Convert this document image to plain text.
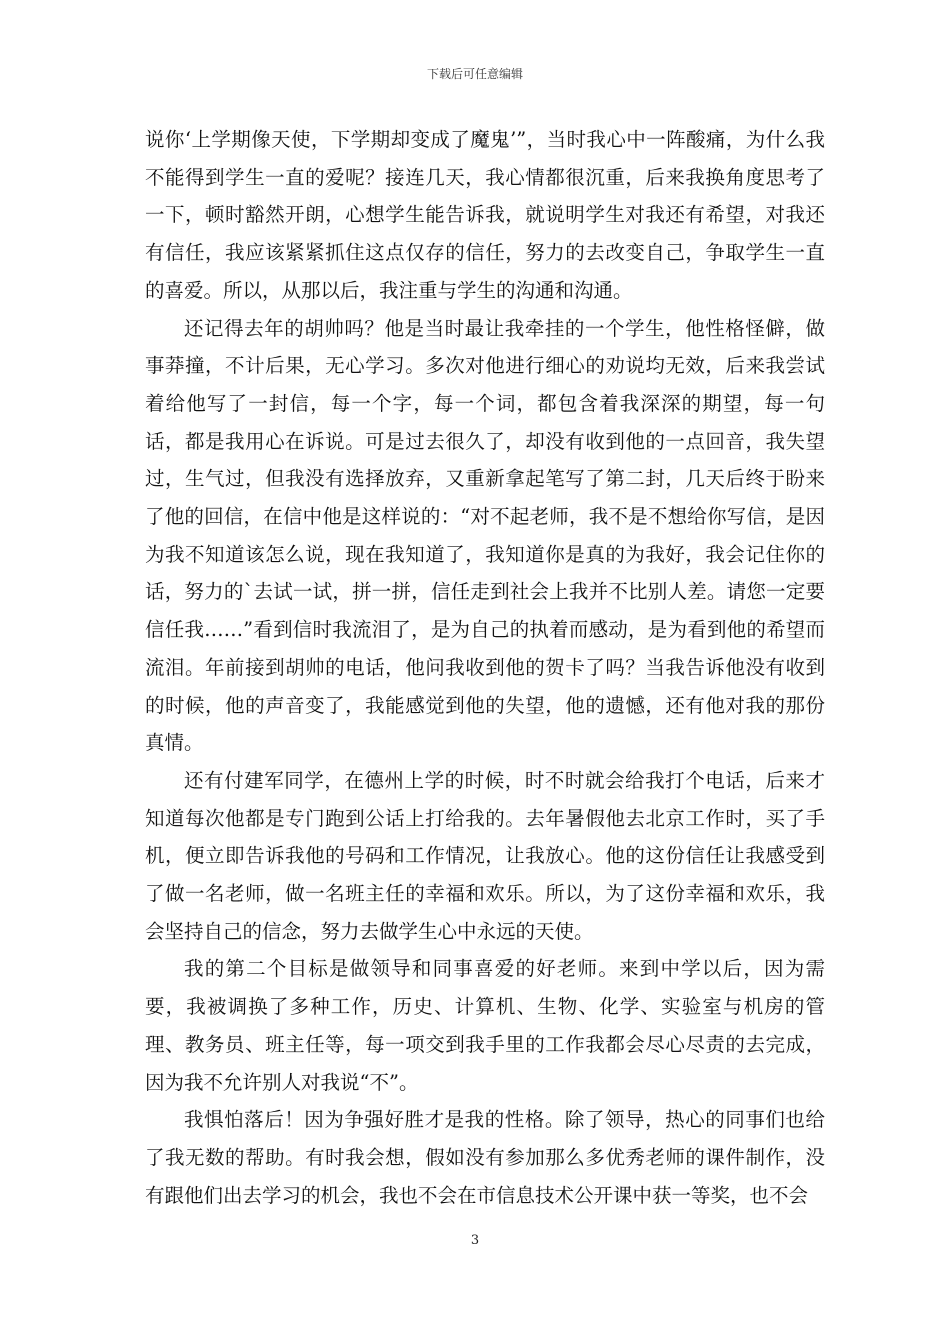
下载后可任意编辑

说你‘上学期像天使，下学期却变成了魔鬼’”，当时我心中一阵酸痛，为什么我不能得到学生一直的爱呢？接连几天，我心情都很沉重，后来我换角度思考了一下，顿时豁然开朗，心想学生能告诉我，就说明学生对我还有希望，对我还有信任，我应该紧紧抓住这点仅存的信任，努力的去改变自己，争取学生一直的喜爱。所以，从那以后，我注重与学生的沟通和沟通。

还记得去年的胡帅吗？他是当时最让我牵挂的一个学生，他性格怪僻，做事莽撞，不计后果，无心学习。多次对他进行细心的劝说均无效，后来我尝试着给他写了一封信，每一个字，每一个词，都包含着我深深的期望，每一句话，都是我用心在诉说。可是过去很久了，却没有收到他的一点回音，我失望过，生气过，但我没有选择放弃，又重新拿起笔写了第二封，几天后终于盼来了他的回信，在信中他是这样说的：“对不起老师，我不是不想给你写信，是因为我不知道该怎么说，现在我知道了，我知道你是真的为我好，我会记住你的话，努力的`去试一试，拼一拼，信任走到社会上我并不比别人差。请您一定要信任我……”看到信时我流泪了，是为自己的执着而感动，是为看到他的希望而流泪。年前接到胡帅的电话，他问我收到他的贺卡了吗？当我告诉他没有收到的时候，他的声音变了，我能感觉到他的失望，他的遗憾，还有他对我的那份真情。

还有付建军同学，在德州上学的时候，时不时就会给我打个电话，后来才知道每次他都是专门跑到公话上打给我的。去年暑假他去北京工作时，买了手机，便立即告诉我他的号码和工作情况，让我放心。他的这份信任让我感受到了做一名老师，做一名班主任的幸福和欢乐。所以，为了这份幸福和欢乐，我会坚持自己的信念，努力去做学生心中永远的天使。

我的第二个目标是做领导和同事喜爱的好老师。来到中学以后，因为需要，我被调换了多种工作，历史、计算机、生物、化学、实验室与机房的管理、教务员、班主任等，每一项交到我手里的工作我都会尽心尽责的去完成，因为我不允许别人对我说“不”。

我惧怕落后！因为争强好胜才是我的性格。除了领导，热心的同事们也给了我无数的帮助。有时我会想，假如没有参加那么多优秀老师的课件制作，没有跟他们出去学习的机会，我也不会在市信息技术公开课中获一等奖，也不会

3
